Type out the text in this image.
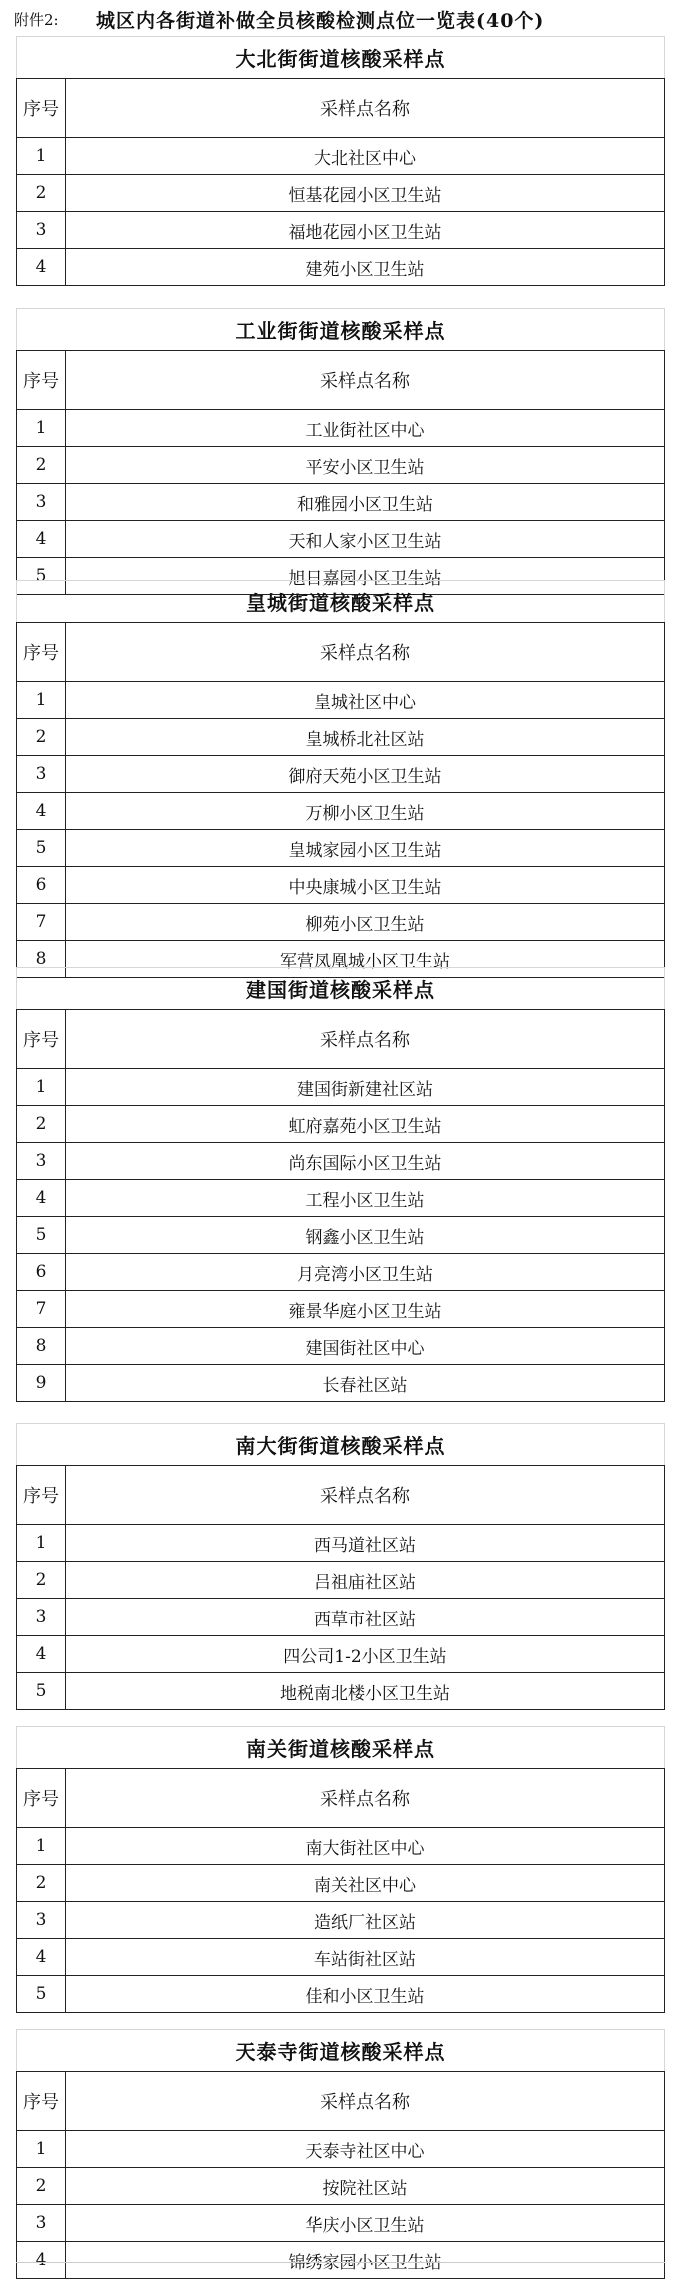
附件2: 城区内各街道补做全员核酸检测点位一览表(40个)
大北街街道核酸采样点
序号	采样点名称
1	大北社区中心
2	恒基花园小区卫生站
3	福地花园小区卫生站
4	建苑小区卫生站
工业街街道核酸采样点
序号	采样点名称
1	工业街社区中心
2	平安小区卫生站
3	和雅园小区卫生站
4	天和人家小区卫生站
5	旭日嘉园小区卫生站
皇城街道核酸采样点
序号	采样点名称
1	皇城社区中心
2	皇城桥北社区站
3	御府天苑小区卫生站
4	万柳小区卫生站
5	皇城家园小区卫生站
6	中央康城小区卫生站
7	柳苑小区卫生站
8	军营凤凰城小区卫生站
建国街道核酸采样点
序号	采样点名称
1	建国街新建社区站
2	虹府嘉苑小区卫生站
3	尚东国际小区卫生站
4	工程小区卫生站
5	钢鑫小区卫生站
6	月亮湾小区卫生站
7	雍景华庭小区卫生站
8	建国街社区中心
9	长春社区站
南大街街道核酸采样点
序号	采样点名称
1	西马道社区站
2	吕祖庙社区站
3	西草市社区站
4	四公司1-2小区卫生站
5	地税南北楼小区卫生站
南关街道核酸采样点
序号	采样点名称
1	南大街社区中心
2	南关社区中心
3	造纸厂社区站
4	车站街社区站
5	佳和小区卫生站
天泰寺街道核酸采样点
序号	采样点名称
1	天泰寺社区中心
2	按院社区站
3	华庆小区卫生站
4	锦绣家园小区卫生站
